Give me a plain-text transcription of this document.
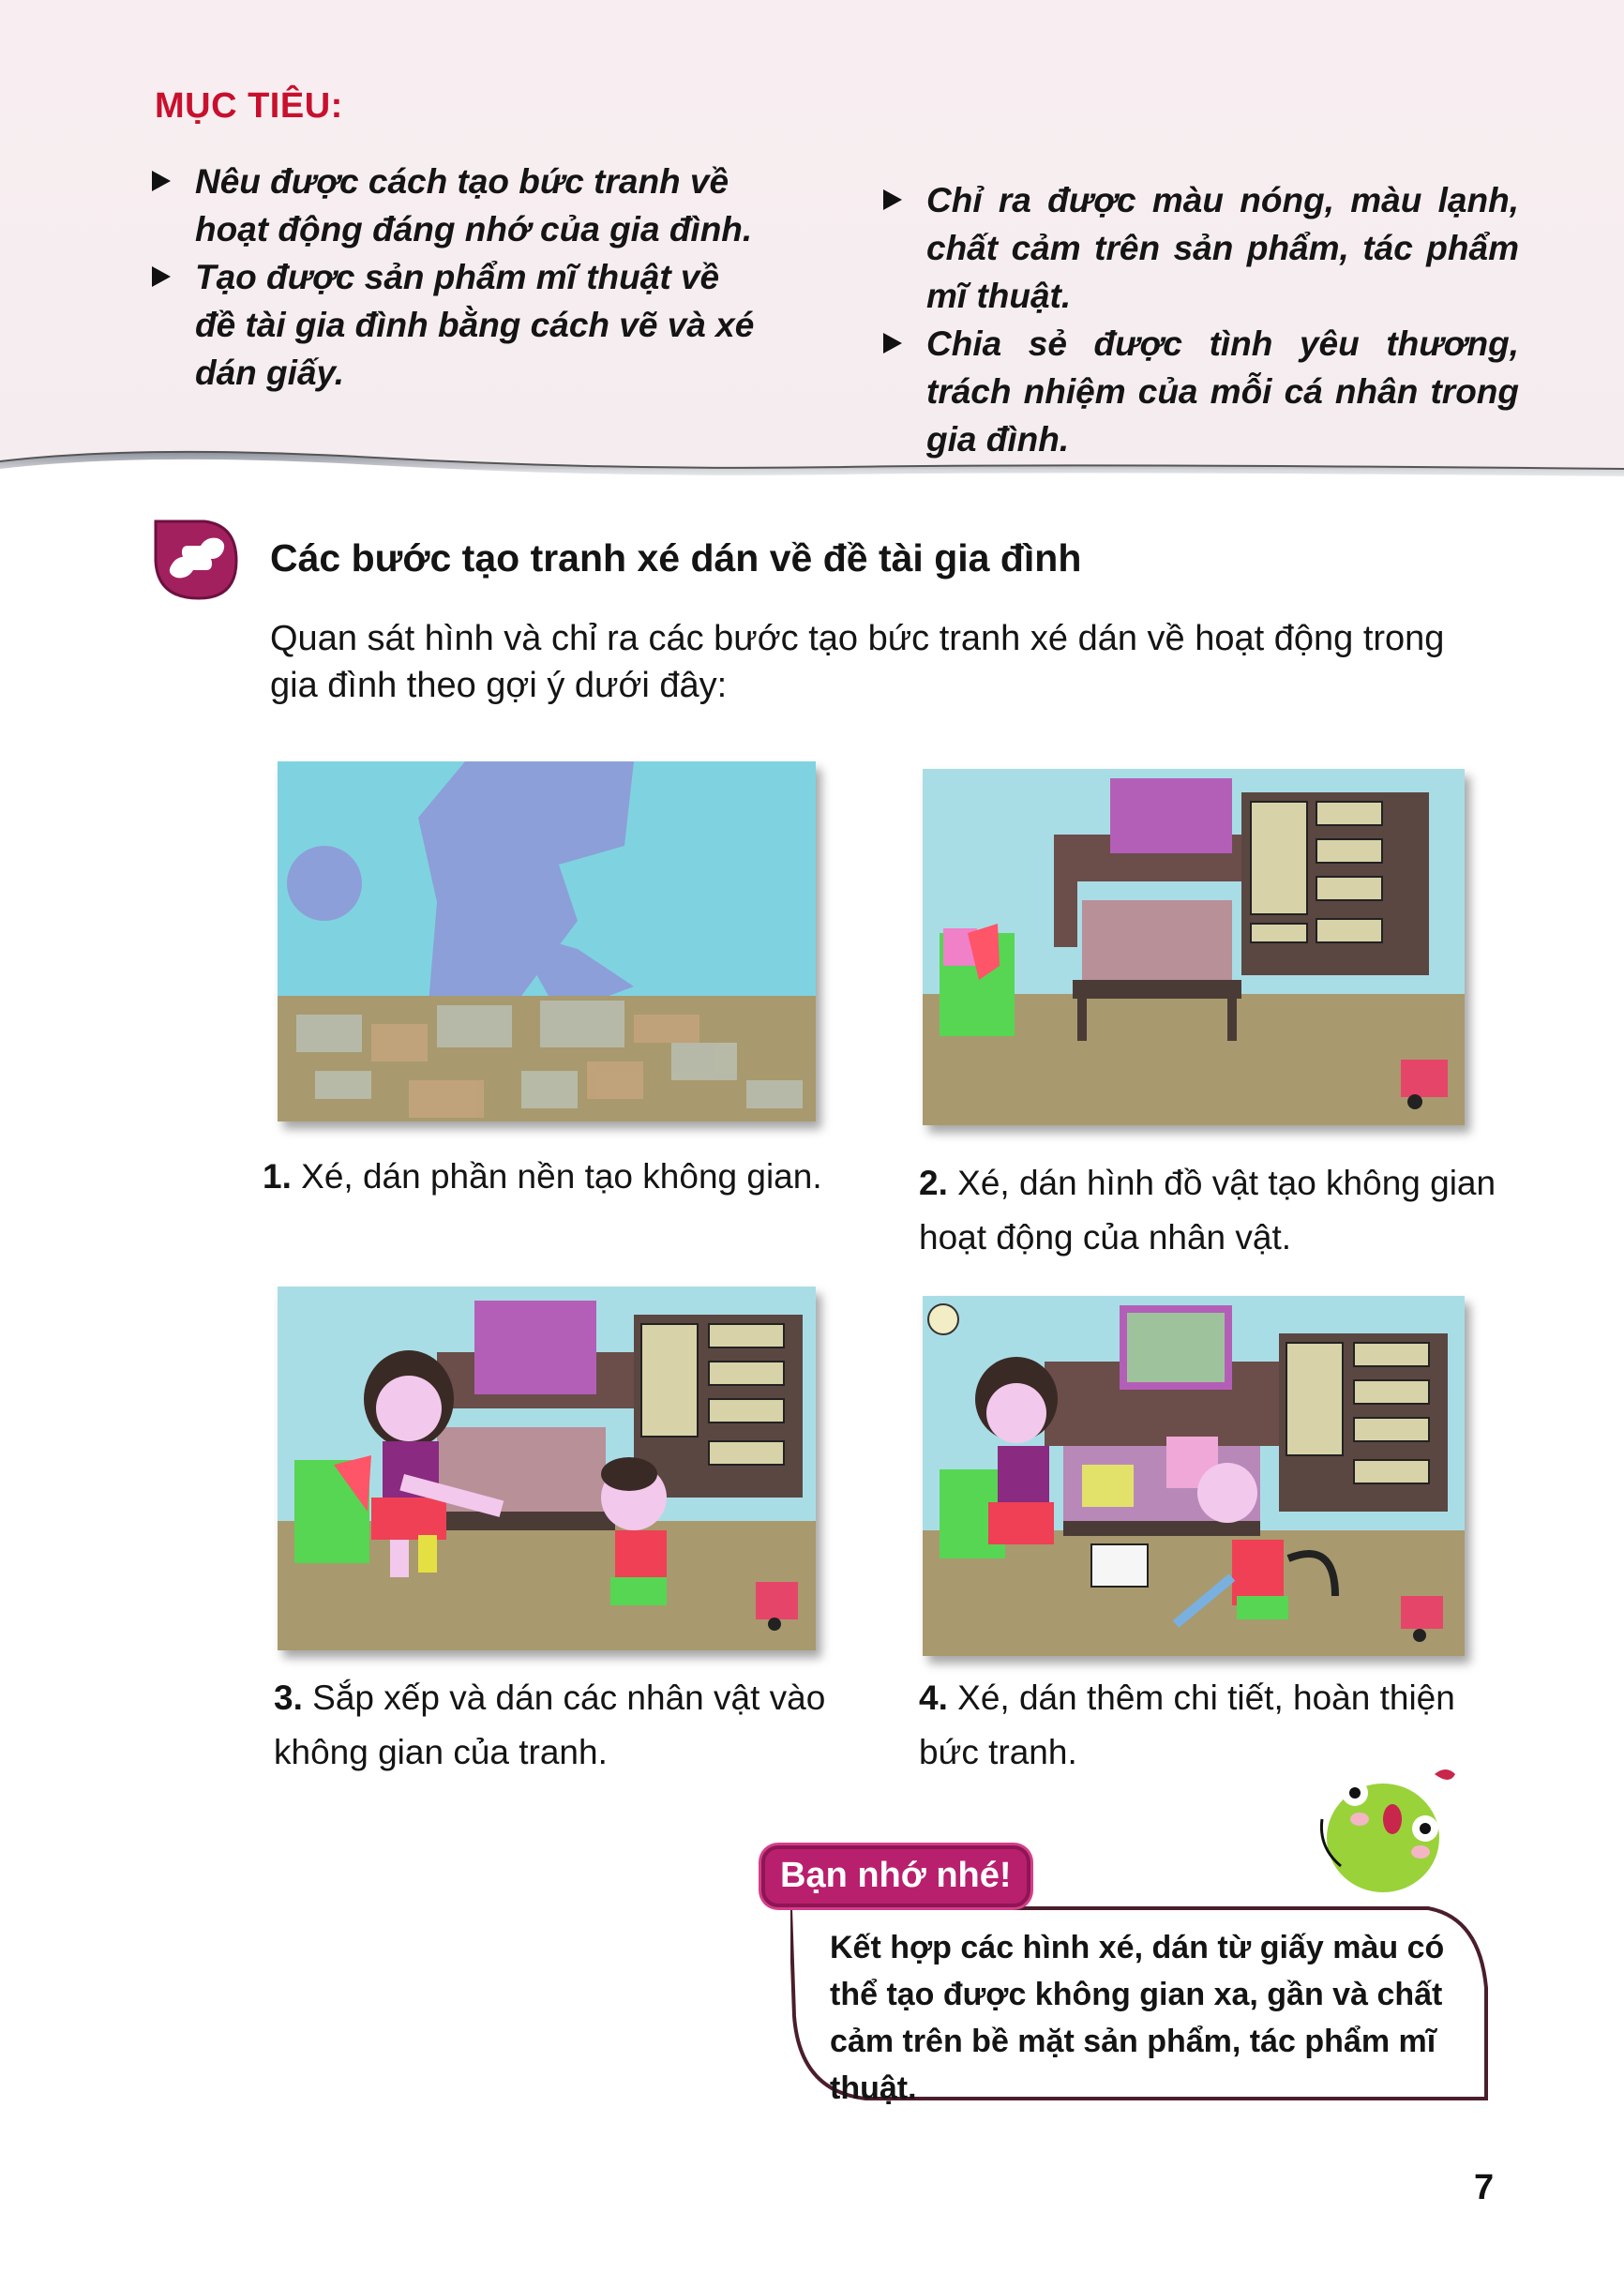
MỤC TIÊU:
Nêu được cách tạo bức tranh về hoạt động đáng nhớ của gia đình.
Tạo được sản phẩm mĩ thuật về đề tài gia đình bằng cách vẽ và xé dán giấy.
Chỉ ra được màu nóng, màu lạnh, chất cảm trên sản phẩm, tác phẩm mĩ thuật.
Chia sẻ được tình yêu thương, trách nhiệm của mỗi cá nhân trong gia đình.
Các bước tạo tranh xé dán về đề tài gia đình
Quan sát hình và chỉ ra các bước tạo bức tranh xé dán về hoạt động trong gia đình theo gợi ý dưới đây:
1. Xé, dán phần nền tạo không gian.	2. Xé, dán hình đồ vật tạo không gian hoạt động của nhân vật.
3. Sắp xếp và dán các nhân vật vào không gian của tranh.
4. Xé, dán thêm chi tiết, hoàn thiện bức tranh.
Bạn nhớ nhé!
Kết hợp các hình xé, dán từ giấy màu có thể tạo được không gian xa, gần và chất cảm trên bề mặt sản phẩm, tác phẩm mĩ thuật.
7
